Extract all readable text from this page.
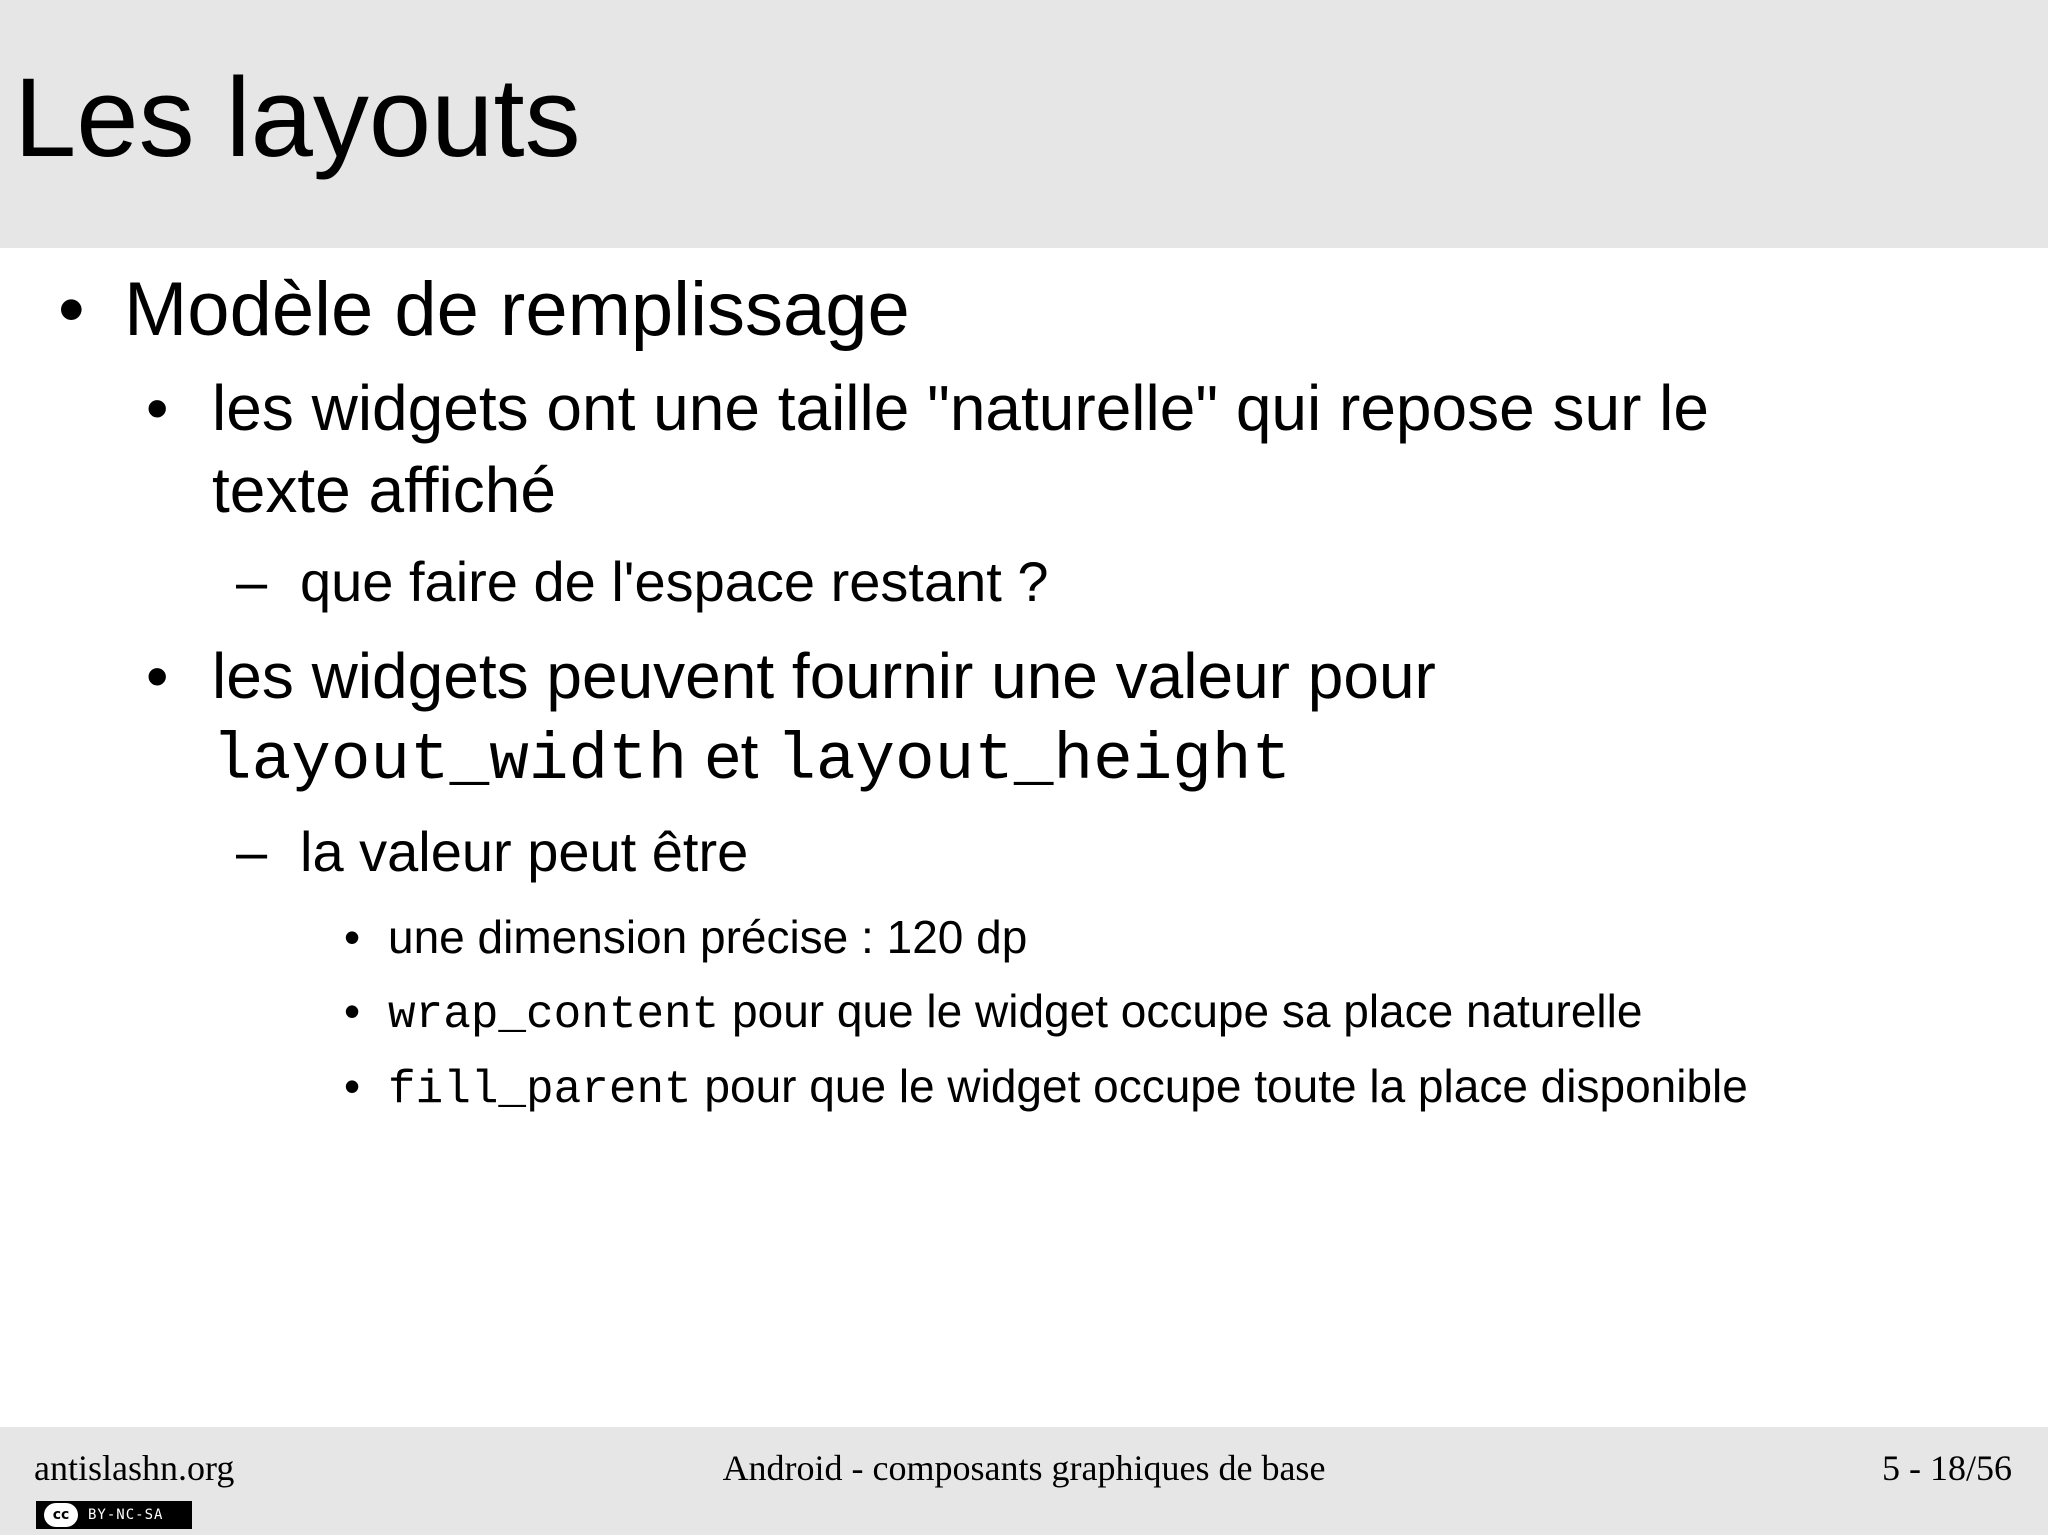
Les layouts
• Modèle de remplissage
• les widgets ont une taille "naturelle" qui repose sur le
texte affiché
– que faire de l'espace restant ?
• les widgets peuvent fournir une valeur pour
layout_width et layout_height
– la valeur peut être
• une dimension précise : 120 dp
• wrap_content pour que le widget occupe sa place naturelle
• fill_parent pour que le widget occupe toute la place disponible
antislashn.org	Android - composants graphiques de base	5 - 18/56
cc	BY-NC-SA
